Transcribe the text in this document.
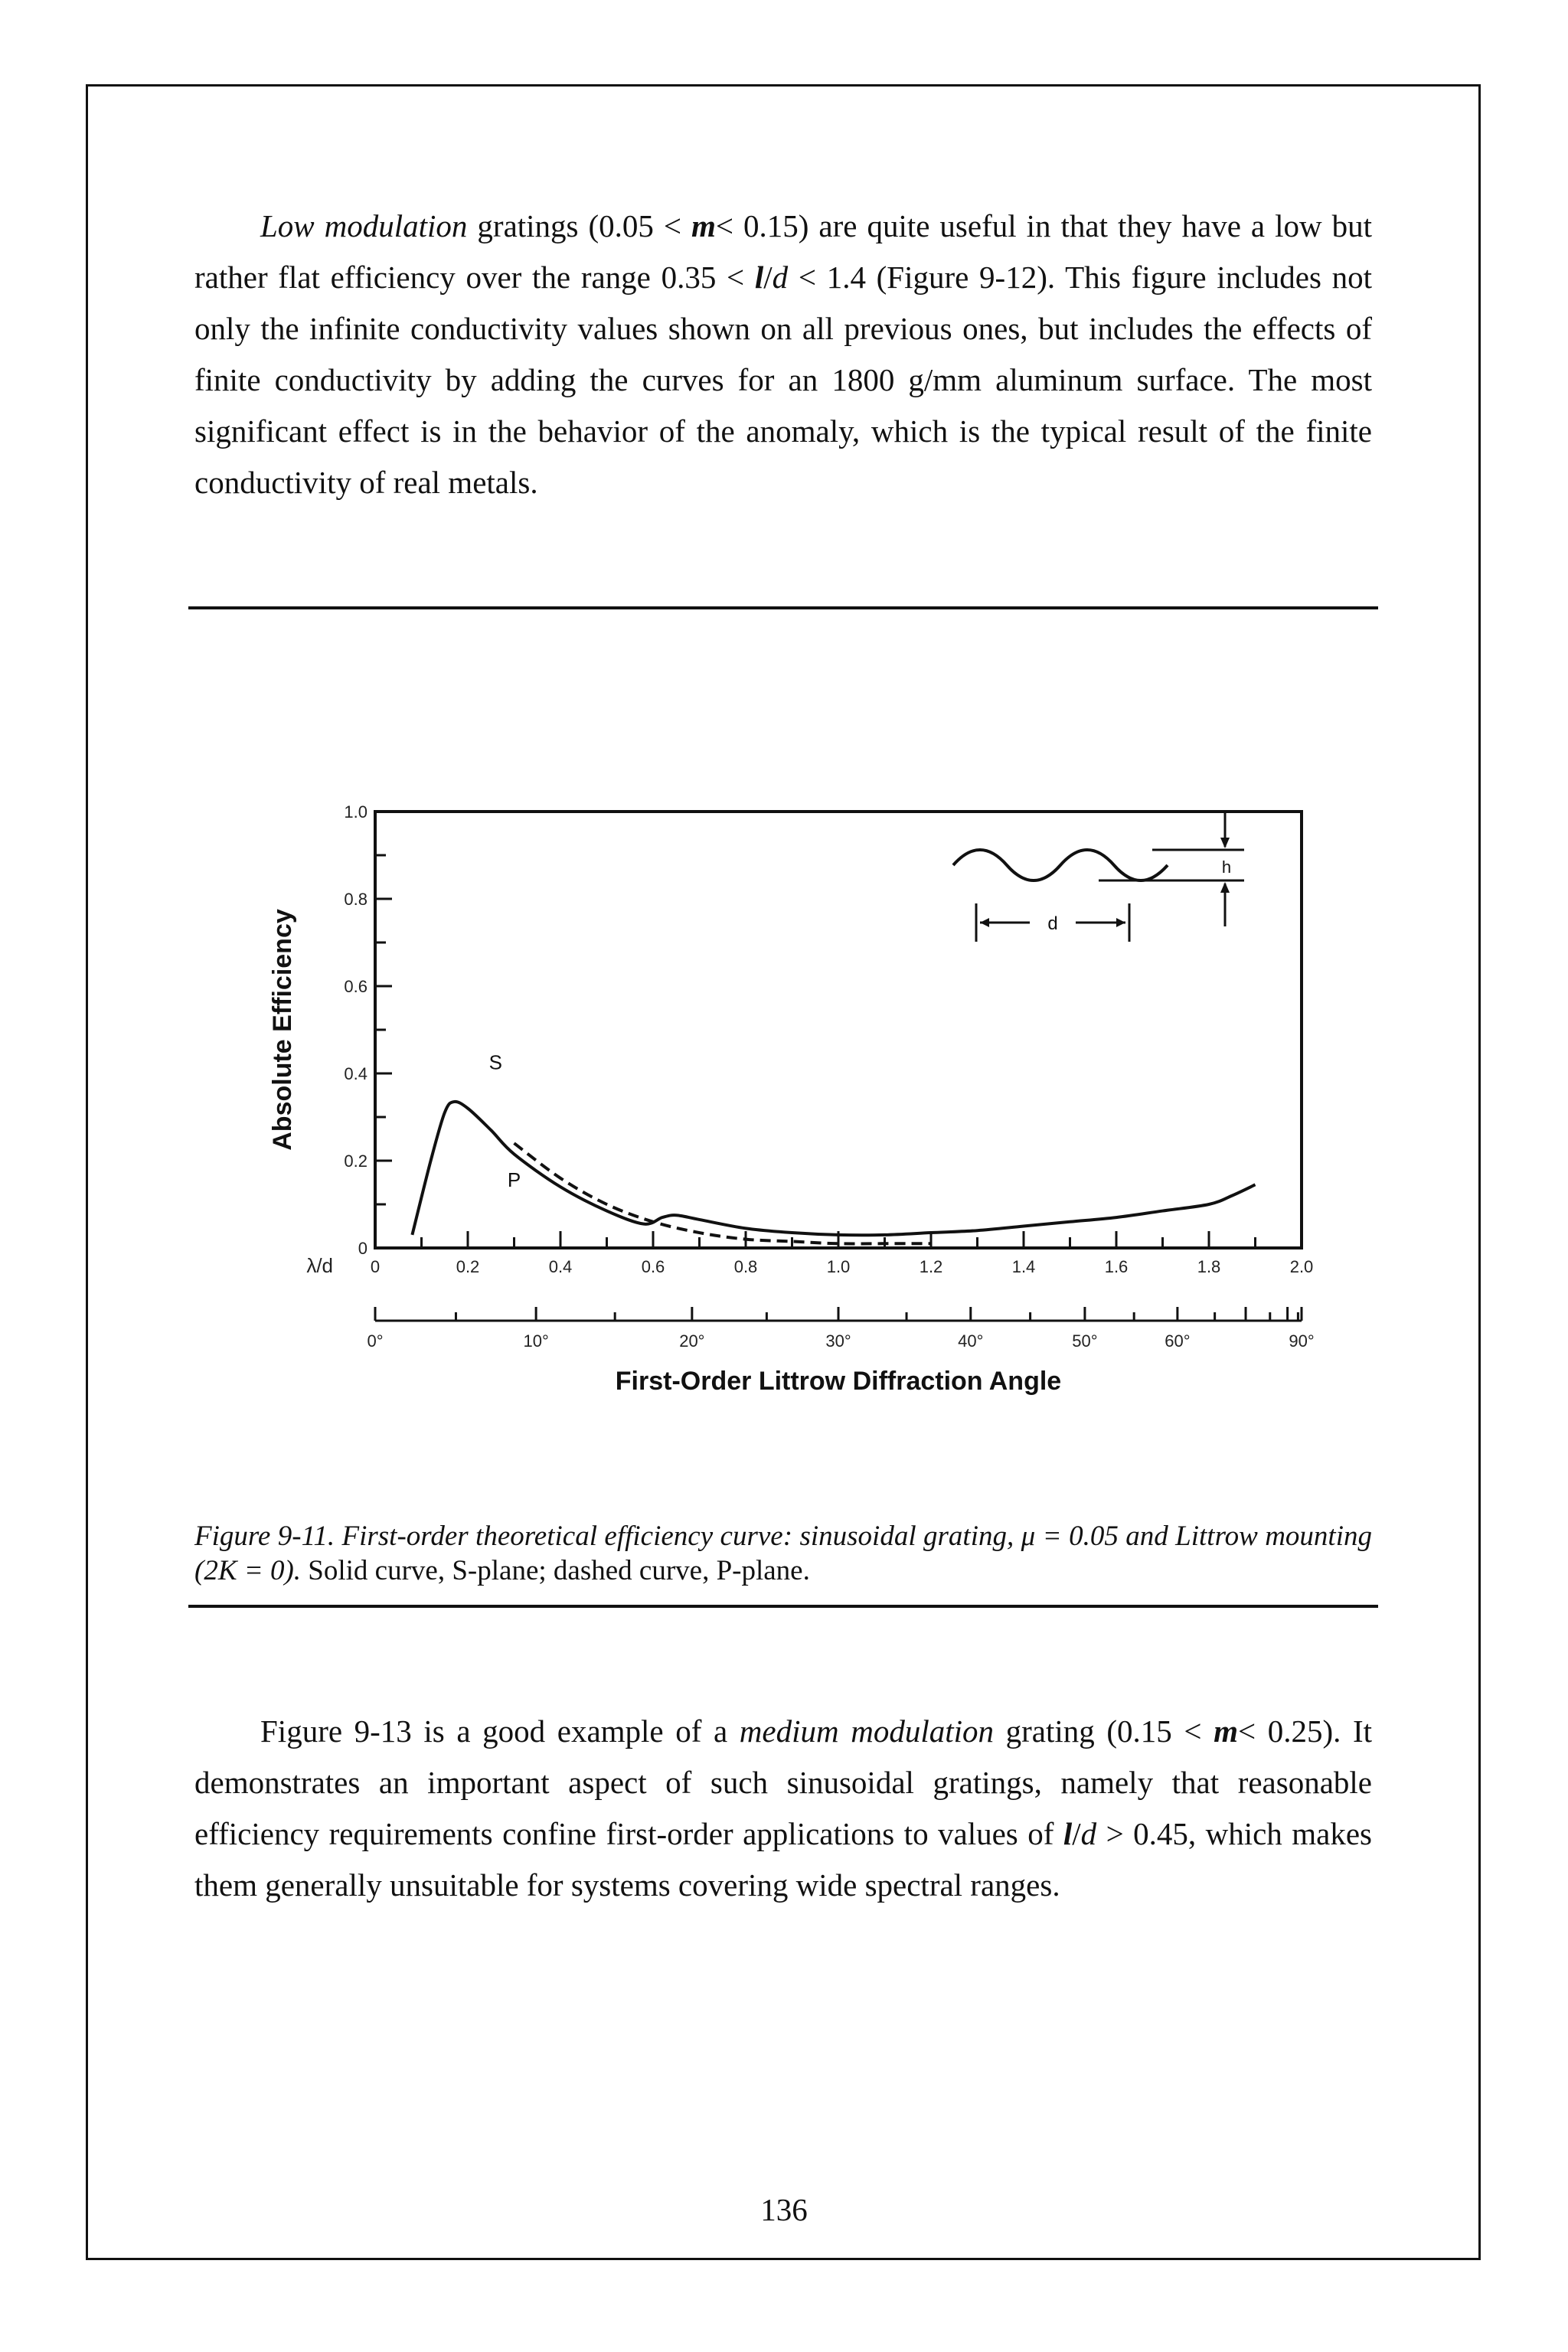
Low modulation gratings (0.05 < m< 0.15) are quite useful in that they have a low but rather flat efficiency over the range 0.35 < l/d < 1.4 (Figure 9-12). This figure includes not only the infinite conductivity values shown on all previous ones, but includes the effects of finite conductivity by adding the curves for an 1800 g/mm aluminum surface. The most significant effect is in the behavior of the anomaly, which is the typical result of the finite conductivity of real metals.

0
0.2
0.4
0.6
0.8
1.0
0	0.2	0.4	0.6	0.8	1.0	1.2	1.4	1.6	1.8	2.0
λ/d
Absolute Efficiency
0°	10°	20°	30°	40°	50°	60°	90°
First-Order Littrow Diffraction Angle
S
P
d
h

Figure 9-11. First-order theoretical efficiency curve: sinusoidal grating, μ = 0.05 and Littrow mounting (2K = 0). Solid curve, S-plane; dashed curve, P-plane.

Figure 9-13 is a good example of a medium modulation grating (0.15 < m< 0.25). It demonstrates an important aspect of such sinusoidal gratings, namely that reasonable efficiency requirements confine first-order applications to values of l/d > 0.45, which makes them generally unsuitable for systems covering wide spectral ranges.

136
